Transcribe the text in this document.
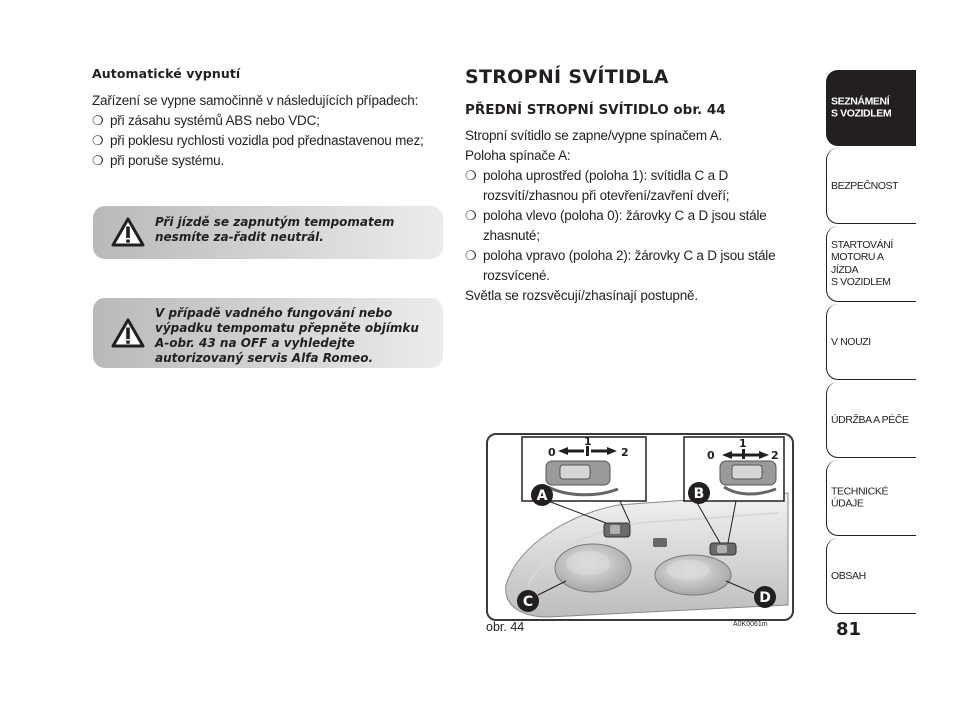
Automatické vypnutí

Zařízení se vypne samočinně v následujících případech:

❍ při zásahu systémů ABS nebo VDC;
❍ při poklesu rychlosti vozidla pod přednastavenou mez;
❍ při poruše systému.
Při jízdě se zapnutým tempomatem nesmíte za-řadit neutrál.
V případě vadného fungování nebo výpadku tempomatu přepněte objímku A-obr. 43 na OFF a vyhledejte autorizovaný servis Alfa Romeo.
STROPNÍ SVÍTIDLA
PŘEDNÍ STROPNÍ SVÍTIDLO obr. 44

Stropní svítidlo se zapne/vypne spínačem A.

Poloha spínače A:

❍ poloha uprostřed (poloha 1): svítidla C a D rozsvítí/zhasnou při otevření/zavření dveří;
❍ poloha vlevo (poloha 0): žárovky C a D jsou stále zhasnuté;
❍ poloha vpravo (poloha 2): žárovky C a D jsou stále rozsvícené.

Světla se rozsvěcují/zhasínají postupně.

0
1
2	0
1
2
A	B
C	D
obr. 44	A0K0061m
SEZNÁMENÍ
S VOZIDLEM
BEZPEČNOST
STARTOVÁNÍ
MOTORU A JÍZDA
S VOZIDLEM
V NOUZI
ÚDRŽBA A PÉČE
TECHNICKÉ
ÚDAJE
OBSAH
81
